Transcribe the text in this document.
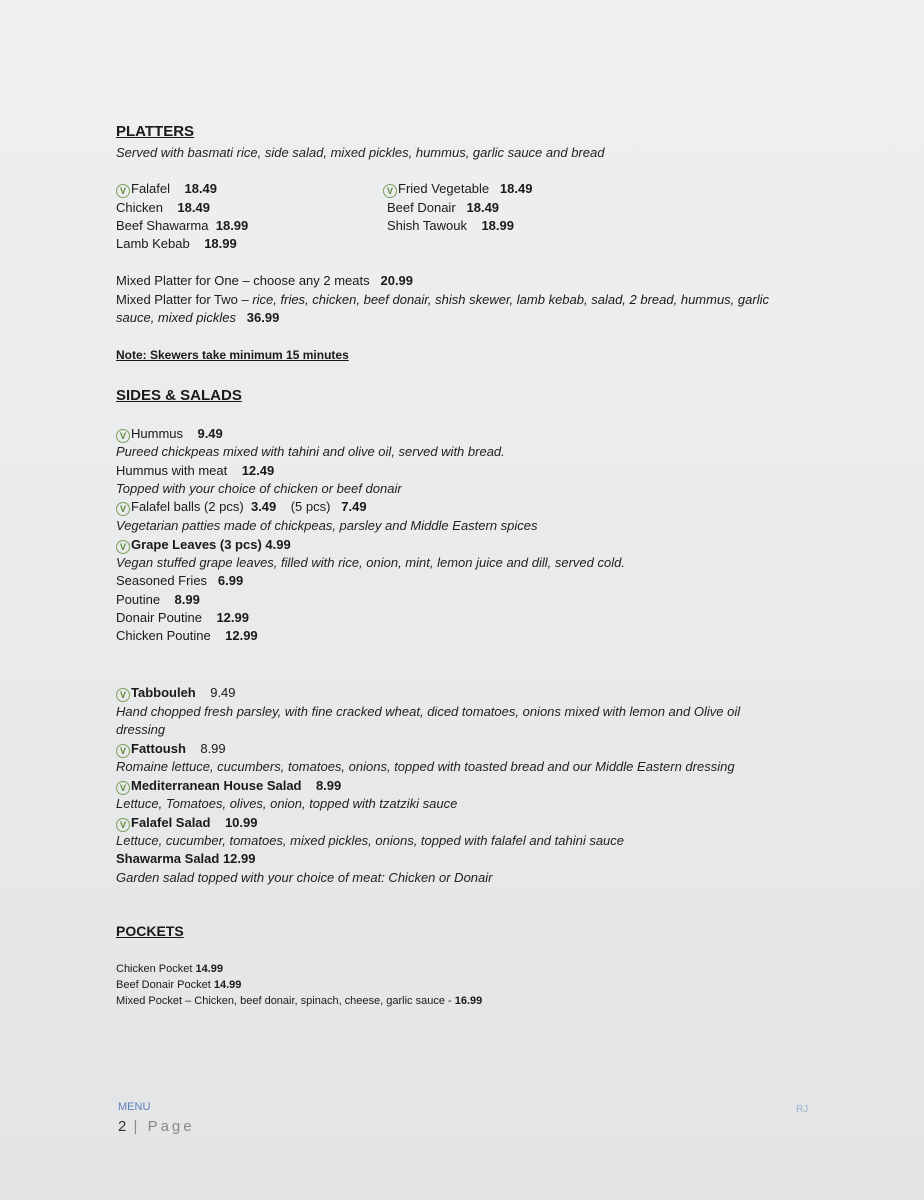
PLATTERS
Served with basmati rice, side salad, mixed pickles, hummus, garlic sauce and bread
V Falafel 18.49
Chicken 18.49
Beef Shawarma 18.99
Lamb Kebab 18.99
V Fried Vegetable 18.49
Beef Donair 18.49
Shish Tawouk 18.99
Mixed Platter for One – choose any 2 meats 20.99
Mixed Platter for Two – rice, fries, chicken, beef donair, shish skewer, lamb kebab, salad, 2 bread, hummus, garlic
sauce, mixed pickles 36.99
Note: Skewers take minimum 15 minutes
SIDES & SALADS
V Hummus 9.49
Pureed chickpeas mixed with tahini and olive oil, served with bread.
Hummus with meat 12.49
Topped with your choice of chicken or beef donair
V Falafel balls (2 pcs) 3.49 (5 pcs) 7.49
Vegetarian patties made of chickpeas, parsley and Middle Eastern spices
V Grape Leaves (3 pcs) 4.99
Vegan stuffed grape leaves, filled with rice, onion, mint, lemon juice and dill, served cold.
Seasoned Fries 6.99
Poutine 8.99
Donair Poutine 12.99
Chicken Poutine 12.99
V Tabbouleh 9.49
Hand chopped fresh parsley, with fine cracked wheat, diced tomatoes, onions mixed with lemon and Olive oil
dressing
V Fattoush 8.99
Romaine lettuce, cucumbers, tomatoes, onions, topped with toasted bread and our Middle Eastern dressing
V Mediterranean House Salad 8.99
Lettuce, Tomatoes, olives, onion, topped with tzatziki sauce
V Falafel Salad 10.99
Lettuce, cucumber, tomatoes, mixed pickles, onions, topped with falafel and tahini sauce
Shawarma Salad 12.99
Garden salad topped with your choice of meat: Chicken or Donair
POCKETS
Chicken Pocket 14.99
Beef Donair Pocket 14.99
Mixed Pocket – Chicken, beef donair, spinach, cheese, garlic sauce - 16.99
MENU
2 | Page
RJ
